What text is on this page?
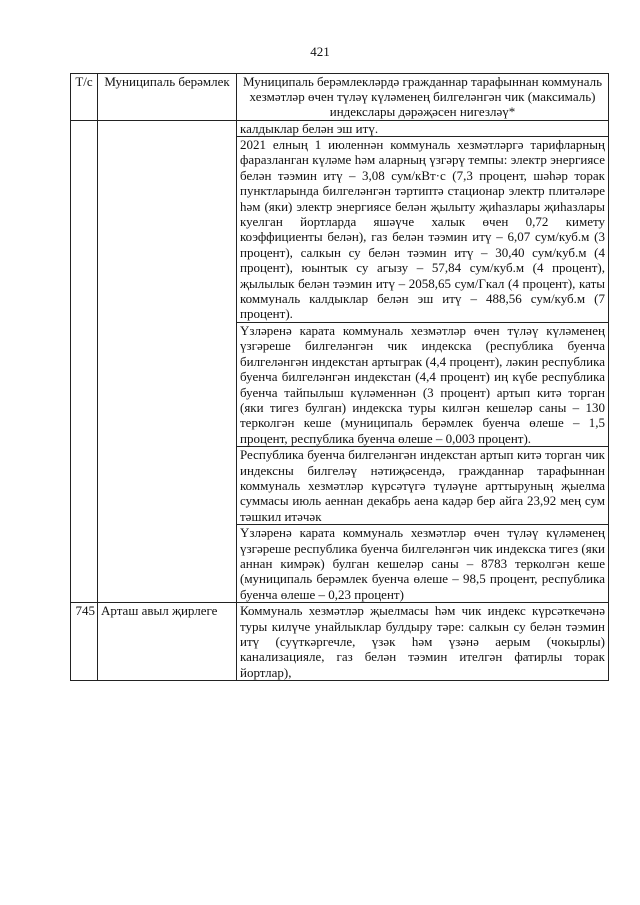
421
Т/с	Муниципаль берәмлек	Муниципаль берәмлекләрдә гражданнар тарафыннан коммуналь хезмәтләр өчен түләү күләменең билгеләнгән чик (максималь) индекслары дәрәҗәсен нигезләү*

		калдыклар белән эш итү.

2021 елның 1 июленнән коммуналь хезмәтләргә тарифларның фаразланган күләме һәм аларның үзгәрү темпы: электр энергиясе белән тәэмин итү – 3,08 сум/кВт·с (7,3 процент, шәһәр торак пунктларында билгеләнгән тәртиптә стационар электр плитәләре һәм (яки) электр энергиясе белән җылыту җиһазлары җиһазлары куелган йортларда яшәүче халык өчен 0,72 кимету коэффициенты белән), газ белән тәэмин итү – 6,07 сум/куб.м (3 процент), салкын су белән тәэмин итү – 30,40 сум/куб.м (4 процент), юынтык су агызу – 57,84 сум/куб.м (4 процент), җылылык белән тәэмин итү – 2058,65 сум/Гкал (4 процент), каты коммуналь калдыклар белән эш итү – 488,56 сум/куб.м (7 процент).

Үзләренә карата коммуналь хезмәтләр өчен түләү күләменең үзгәреше билгеләнгән чик индекска (республика буенча билгеләнгән индекстан артыграк (4,4 процент), ләкин республика буенча билгеләнгән индекстан (4,4 процент) иң күбе республика буенча тайпылыш күләменнән (3 процент) артып китә торган (яки тигез булган) индекска туры килгән кешеләр саны – 130 терколгән кеше (муниципаль берәмлек буенча өлеше – 1,5 процент, республика буенча өлеше – 0,003 процент).

Республика буенча билгеләнгән индекстан артып китә торган чик индексны билгеләү нәтиҗәсендә, гражданнар тарафыннан коммуналь хезмәтләр күрсәтүгә түләүне арттыруның җыелма суммасы июль аеннан декабрь аена кадәр бер айга 23,92 мең сум тәшкил итәчәк

Үзләренә карата коммуналь хезмәтләр өчен түләү күләменең үзгәреше республика буенча билгеләнгән чик индекска тигез (яки аннан кимрәк) булган кешеләр саны – 8783 терколгән кеше (муниципаль берәмлек буенча өлеше – 98,5 процент, республика буенча өлеше – 0,23 процент)

745	Арташ авыл җирлеге	Коммуналь хезмәтләр җыелмасы һәм чик индекс күрсәткечәнә туры килүче унайлыклар булдыру тәре: салкын су белән тәэмин итү (суүткәргечле, үзәк һәм үзәнә аерым (чокырлы) канализацияле, газ белән тәэмин ителгән фатирлы торак йортлар),
